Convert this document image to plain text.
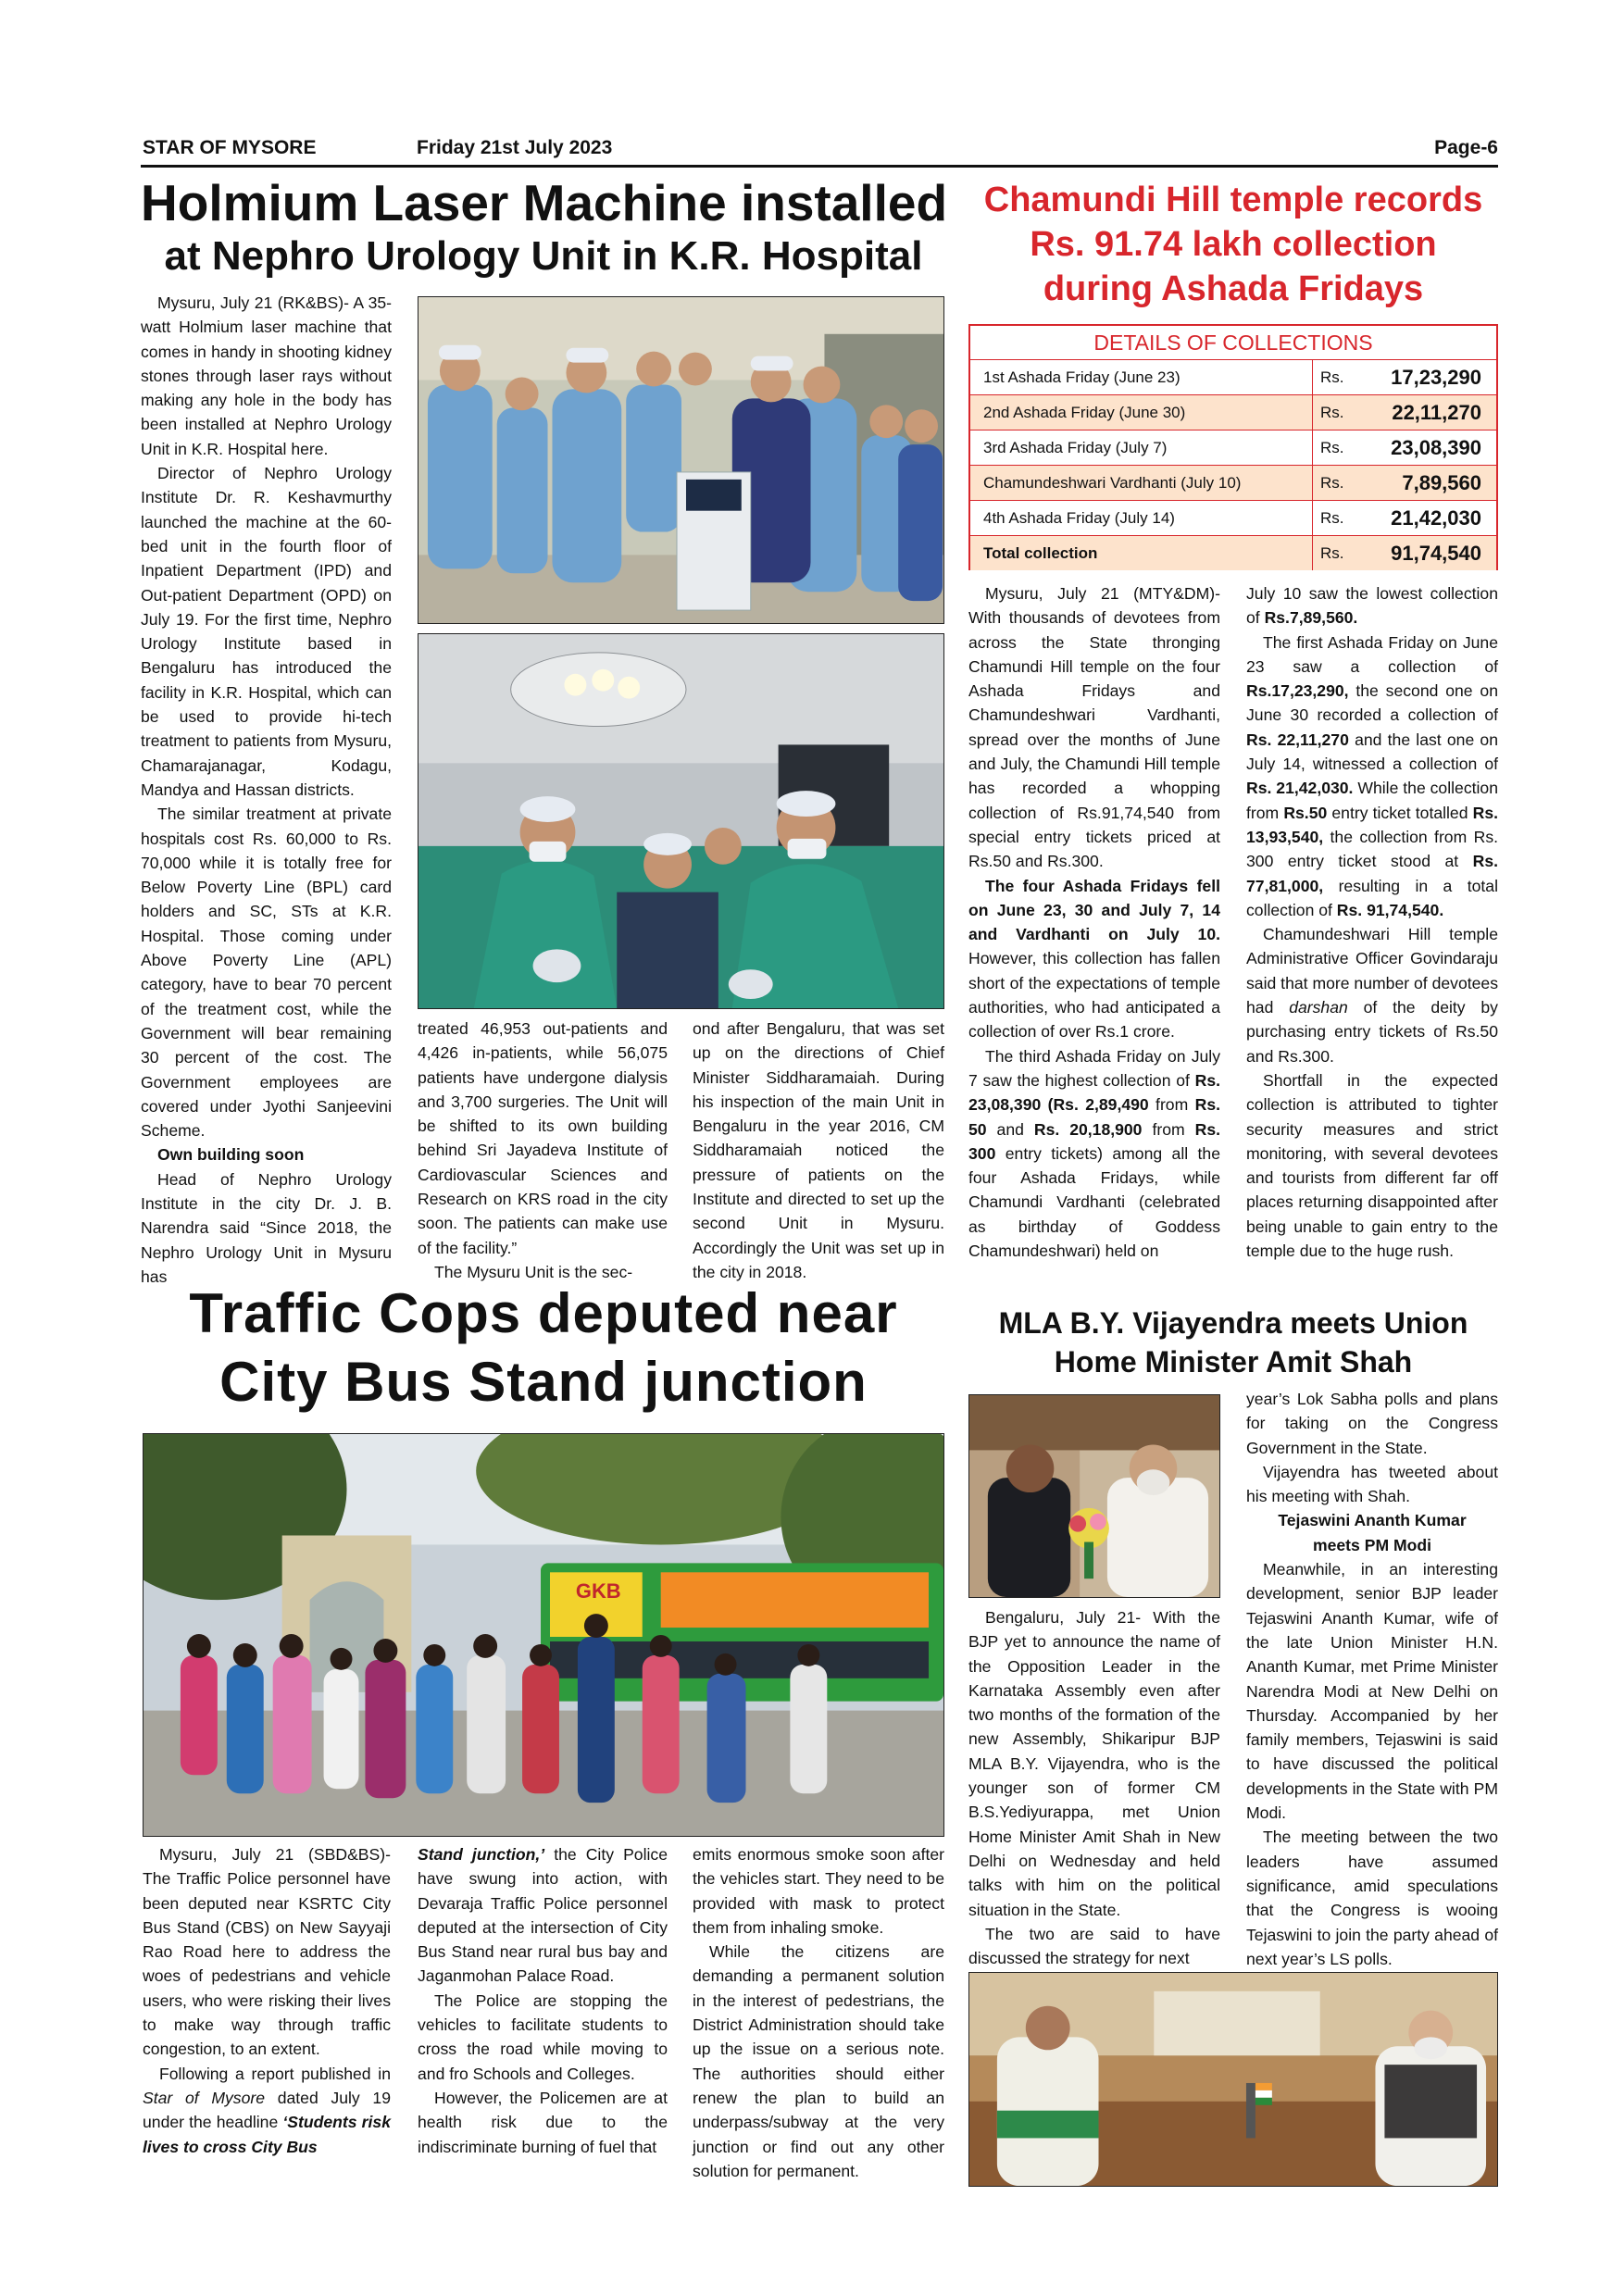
STAR OF MYSORE	Friday 21st July 2023	Page-6
Holmium Laser Machine installed
at Nephro Urology Unit in K.R. Hospital

Mysuru, July 21 (RK&BS)- A 35-watt Holmium laser machine that comes in handy in shooting kidney stones through laser rays without making any hole in the body has been installed at Nephro Urology Unit in K.R. Hospital here.

Director of Nephro Urology Institute Dr. R. Keshavmurthy launched the machine at the 60-bed unit in the fourth floor of Inpatient Department (IPD) and Out-patient Department (OPD) on July 19. For the first time, Nephro Urology Institute based in Bengaluru has introduced the facility in K.R. Hospital, which can be used to provide hi-tech treatment to patients from Mysuru, Chamarajanagar, Kodagu, Mandya and Hassan districts.

The similar treatment at private hospitals cost Rs. 60,000 to Rs. 70,000 while it is totally free for Below Poverty Line (BPL) card holders and SC, STs at K.R. Hospital. Those coming under Above Poverty Line (APL) category, have to bear 70 percent of the treatment cost, while the Government will bear remaining 30 percent of the cost. The Government employees are covered under Jyothi Sanjeevini Scheme.

Own building soon

Head of Nephro Urology Institute in the city Dr. J. B. Narendra said “Since 2018, the Nephro Urology Unit in Mysuru has

treated 46,953 out-patients and 4,426 in-patients, while 56,075 patients have undergone dialysis and 3,700 surgeries. The Unit will be shifted to its own building behind Sri Jayadeva Institute of Cardiovascular Sciences and Research on KRS road in the city soon. The patients can make use of the facility.”

The Mysuru Unit is the sec-

ond after Bengaluru, that was set up on the directions of Chief Minister Siddharamaiah. During his inspection of the main Unit in Bengaluru in the year 2016, CM Siddharamaiah noticed the pressure of patients on the Institute and directed to set up the second Unit in Mysuru. Accordingly the Unit was set up in the city in 2018.

Chamundi Hill temple records
Rs. 91.74 lakh collection
during Ashada Fridays
DETAILS OF COLLECTIONS
1st Ashada Friday (June 23)	Rs.	17,23,290
2nd Ashada Friday (June 30)	Rs.	22,11,270
3rd Ashada Friday (July 7)	Rs.	23,08,390
Chamundeshwari Vardhanti (July 10)	Rs.	7,89,560
4th Ashada Friday (July 14)	Rs.	21,42,030
Total collection	Rs.	91,74,540

Mysuru, July 21 (MTY&DM)- With thousands of devotees from across the State thronging Chamundi Hill temple on the four Ashada Fridays and Chamundeshwari Vardhanti, spread over the months of June and July, the Chamundi Hill temple has recorded a whopping collection of Rs.91,74,540 from special entry tickets priced at Rs.50 and Rs.300.

The four Ashada Fridays fell on June 23, 30 and July 7, 14 and Vardhanti on July 10. However, this collection has fallen short of the expectations of temple authorities, who had anticipated a collection of over Rs.1 crore.

The third Ashada Friday on July 7 saw the highest collection of Rs. 23,08,390 (Rs. 2,89,490 from Rs. 50 and Rs. 20,18,900 from Rs. 300 entry tickets) among all the four Ashada Fridays, while Chamundi Vardhanti (celebrated as birthday of Goddess Chamundeshwari) held on

July 10 saw the lowest collection of Rs.7,89,560.

The first Ashada Friday on June 23 saw a collection of Rs.17,23,290, the second one on June 30 recorded a collection of Rs. 22,11,270 and the last one on July 14, witnessed a collection of Rs. 21,42,030. While the collection from Rs.50 entry ticket totalled Rs. 13,93,540, the collection from Rs. 300 entry ticket stood at Rs. 77,81,000, resulting in a total collection of Rs. 91,74,540.

Chamundeshwari Hill temple Administrative Officer Govindaraju said that more number of devotees had darshan of the deity by purchasing entry tickets of Rs.50 and Rs.300.

Shortfall in the expected collection is attributed to tighter security measures and strict monitoring, with several devotees and tourists from different far off places returning disappointed after being unable to gain entry to the temple due to the huge rush.

Traffic Cops deputed near
City Bus Stand junction
GKB

Mysuru, July 21 (SBD&BS)- The Traffic Police personnel have been deputed near KSRTC City Bus Stand (CBS) on New Sayyaji Rao Road here to address the woes of pedestrians and vehicle users, who were risking their lives to make way through traffic congestion, to an extent.

Following a report published in Star of Mysore dated July 19 under the headline ‘Students risk lives to cross City Bus

Stand junction,’ the City Police have swung into action, with Devaraja Traffic Police personnel deputed at the intersection of City Bus Stand near rural bus bay and Jaganmohan Palace Road.

The Police are stopping the vehicles to facilitate students to cross the road while moving to and fro Schools and Colleges.

However, the Policemen are at health risk due to the indiscriminate burning of fuel that

emits enormous smoke soon after the vehicles start. They need to be provided with mask to protect them from inhaling smoke.

While the citizens are demanding a permanent solution in the interest of pedestrians, the District Administration should take up the issue on a serious note. The authorities should either renew the plan to build an underpass/subway at the very junction or find out any other solution for permanent.

MLA B.Y. Vijayendra meets Union
Home Minister Amit Shah

Bengaluru, July 21- With the BJP yet to announce the name of the Opposition Leader in the Karnataka Assembly even after two months of the formation of the new Assembly, Shikaripur BJP MLA B.Y. Vijayendra, who is the younger son of former CM B.S.Yediyurappa, met Union Home Minister Amit Shah in New Delhi on Wednesday and held talks with him on the political situation in the State.

The two are said to have discussed the strategy for next

year’s Lok Sabha polls and plans for taking on the Congress Government in the State.

Vijayendra has tweeted about his meeting with Shah.

Tejaswini Ananth Kumar

meets PM Modi

Meanwhile, in an interesting development, senior BJP leader Tejaswini Ananth Kumar, wife of the late Union Minister H.N. Ananth Kumar, met Prime Minister Narendra Modi at New Delhi on Thursday. Accompanied by her family members, Tejaswini is said to have discussed the political developments in the State with PM Modi.

The meeting between the two leaders have assumed significance, amid speculations that the Congress is wooing Tejaswini to join the party ahead of next year’s LS polls.
